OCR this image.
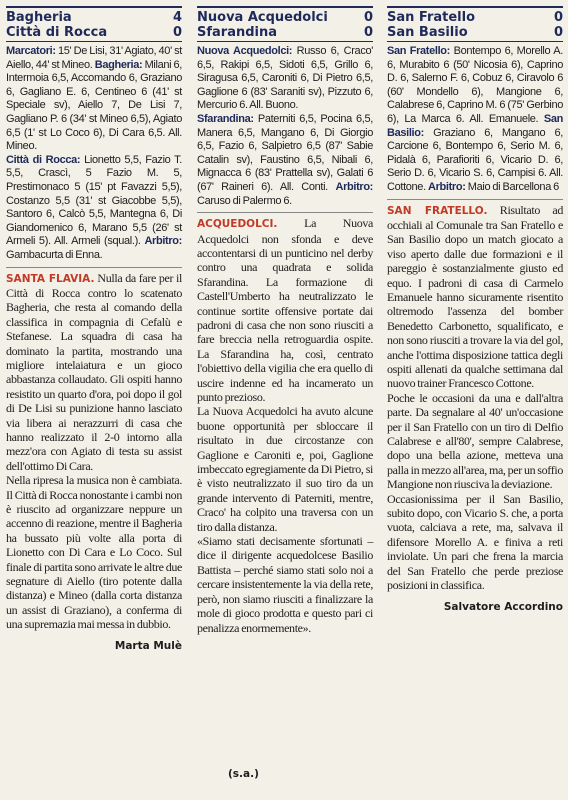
Bagheria	4
Città di Rocca	0
Marcatori: 15' De Lisi, 31' Agiato, 40' st Aiello, 44' st Mineo. Bagheria: Milani 6, Intermoia 6,5, Accomando 6, Graziano 6, Gagliano E. 6, Centineo 6 (41' st Speciale sv), Aiello 7, De Lisi 7, Gagliano P. 6 (34' st Mineo 6,5), Agiato 6,5 (1' st Lo Coco 6), Di Cara 6,5. All. Mineo.
Città di Rocca: Lionetto 5,5, Fazio T. 5,5, Crascì, 5 Fazio M. 5, Prestimonaco 5 (15' pt Favazzi 5,5), Costanzo 5,5 (31' st Giacobbe 5,5), Santoro 6, Calcò 5,5, Mantegna 6, Di Giandomenico 6, Marano 5,5 (26' st Armeli 5). All. Armeli (squal.). Arbitro: Gambacurta di Enna.

SANTA FLAVIA. Nulla da fare per il Città di Rocca contro lo scatenato Bagheria, che resta al comando della classifica in compagnia di Cefalù e Stefanese. La squadra di casa ha dominato la partita, mostrando una migliore intelaiatura e un gioco abbastanza collaudato. Gli ospiti hanno resistito un quarto d'ora, poi dopo il gol di De Lisi su punizione hanno lasciato via libera ai nerazzurri di casa che hanno realizzato il 2-0 intorno alla mezz'ora con Agiato di testa su assist dell'ottimo Di Cara.

Nella ripresa la musica non è cambiata. Il Città di Rocca nonostante i cambi non è riuscito ad organizzare neppure un accenno di reazione, mentre il Bagheria ha bussato più volte alla porta di Lionetto con Di Cara e Lo Coco. Sul finale di partita sono arrivate le altre due segnature di Aiello (tiro potente dalla distanza) e Mineo (dalla corta distanza un assist di Graziano), a conferma di una supremazia mai messa in dubbio.

Marta Mulè
Nuova Acquedolci	0
Sfarandina	0
Nuova Acquedolci: Russo 6, Craco' 6,5, Rakipi 6,5, Sidoti 6,5, Grillo 6, Siragusa 6,5, Caroniti 6, Di Pietro 6,5, Gaglione 6 (83' Saraniti sv), Pizzuto 6, Mercurio 6. All. Buono.
Sfarandina: Paterniti 6,5, Pocina 6,5, Manera 6,5, Mangano 6, Di Giorgio 6,5, Fazio 6, Salpietro 6,5 (87' Sabie Catalin sv), Faustino 6,5, Nibali 6, Mignacca 6 (83' Prattella sv), Galati 6 (67' Raineri 6). All. Conti. Arbitro: Caruso di Palermo 6.

ACQUEDOLCI. La Nuova Acquedolci non sfonda e deve accontentarsi di un punticino nel derby contro una quadrata e solida Sfarandina. La formazione di Castell'Umberto ha neutralizzato le continue sortite offensive portate dai padroni di casa che non sono riusciti a fare breccia nella retroguardia ospite. La Sfarandina ha, così, centrato l'obiettivo della vigilia che era quello di uscire indenne ed ha incamerato un punto prezioso.

La Nuova Acquedolci ha avuto alcune buone opportunità per sbloccare il risultato in due circostanze con Gaglione e Caroniti e, poi, Gaglione imbeccato egregiamente da Di Pietro, si è visto neutralizzato il suo tiro da un grande intervento di Paterniti, mentre, Craco' ha colpito una traversa con un tiro dalla distanza.

«Siamo stati decisamente sfortunati – dice il dirigente acquedolcese Basilio Battista – perché siamo stati solo noi a cercare insistentemente la via della rete, però, non siamo riusciti a finalizzare la mole di gioco prodotta e questo pari ci penalizza enormemente».

(s.a.)
San Fratello	0
San Basilio	0
San Fratello: Bontempo 6, Morello A. 6, Murabito 6 (50' Nicosia 6), Caprino D. 6, Salerno F. 6, Cobuz 6, Ciravolo 6 (60' Mondello 6), Mangione 6, Calabrese 6, Caprino M. 6 (75' Gerbino 6), La Marca 6. All. Emanuele. San Basilio: Graziano 6, Mangano 6, Carcione 6, Bontempo 6, Serio M. 6, Pidalà 6, Parafioriti 6, Vicario D. 6, Serio D. 6, Vicario S. 6, Campisi 6. All. Cottone. Arbitro: Maio di Barcellona 6

SAN FRATELLO. Risultato ad occhiali al Comunale tra San Fratello e San Basilio dopo un match giocato a viso aperto dalle due formazioni e il pareggio è sostanzialmente giusto ed equo. I padroni di casa di Carmelo Emanuele hanno sicuramente risentito oltremodo l'assenza del bomber Benedetto Carbonetto, squalificato, e non sono riusciti a trovare la via del gol, anche l'ottima disposizione tattica degli ospiti allenati da qualche settimana dal nuovo trainer Francesco Cottone.

Poche le occasioni da una e dall'altra parte. Da segnalare al 40' un'occasione per il San Fratello con un tiro di Delfio Calabrese e all'80', sempre Calabrese, dopo una bella azione, metteva una palla in mezzo all'area, ma, per un soffio Mangione non riusciva la deviazione.

Occasionissima per il San Basilio, subito dopo, con Vicario S. che, a porta vuota, calciava a rete, ma, salvava il difensore Morello A. e finiva a reti inviolate. Un pari che frena la marcia del San Fratello che perde preziose posizioni in classifica.

Salvatore Accordino
